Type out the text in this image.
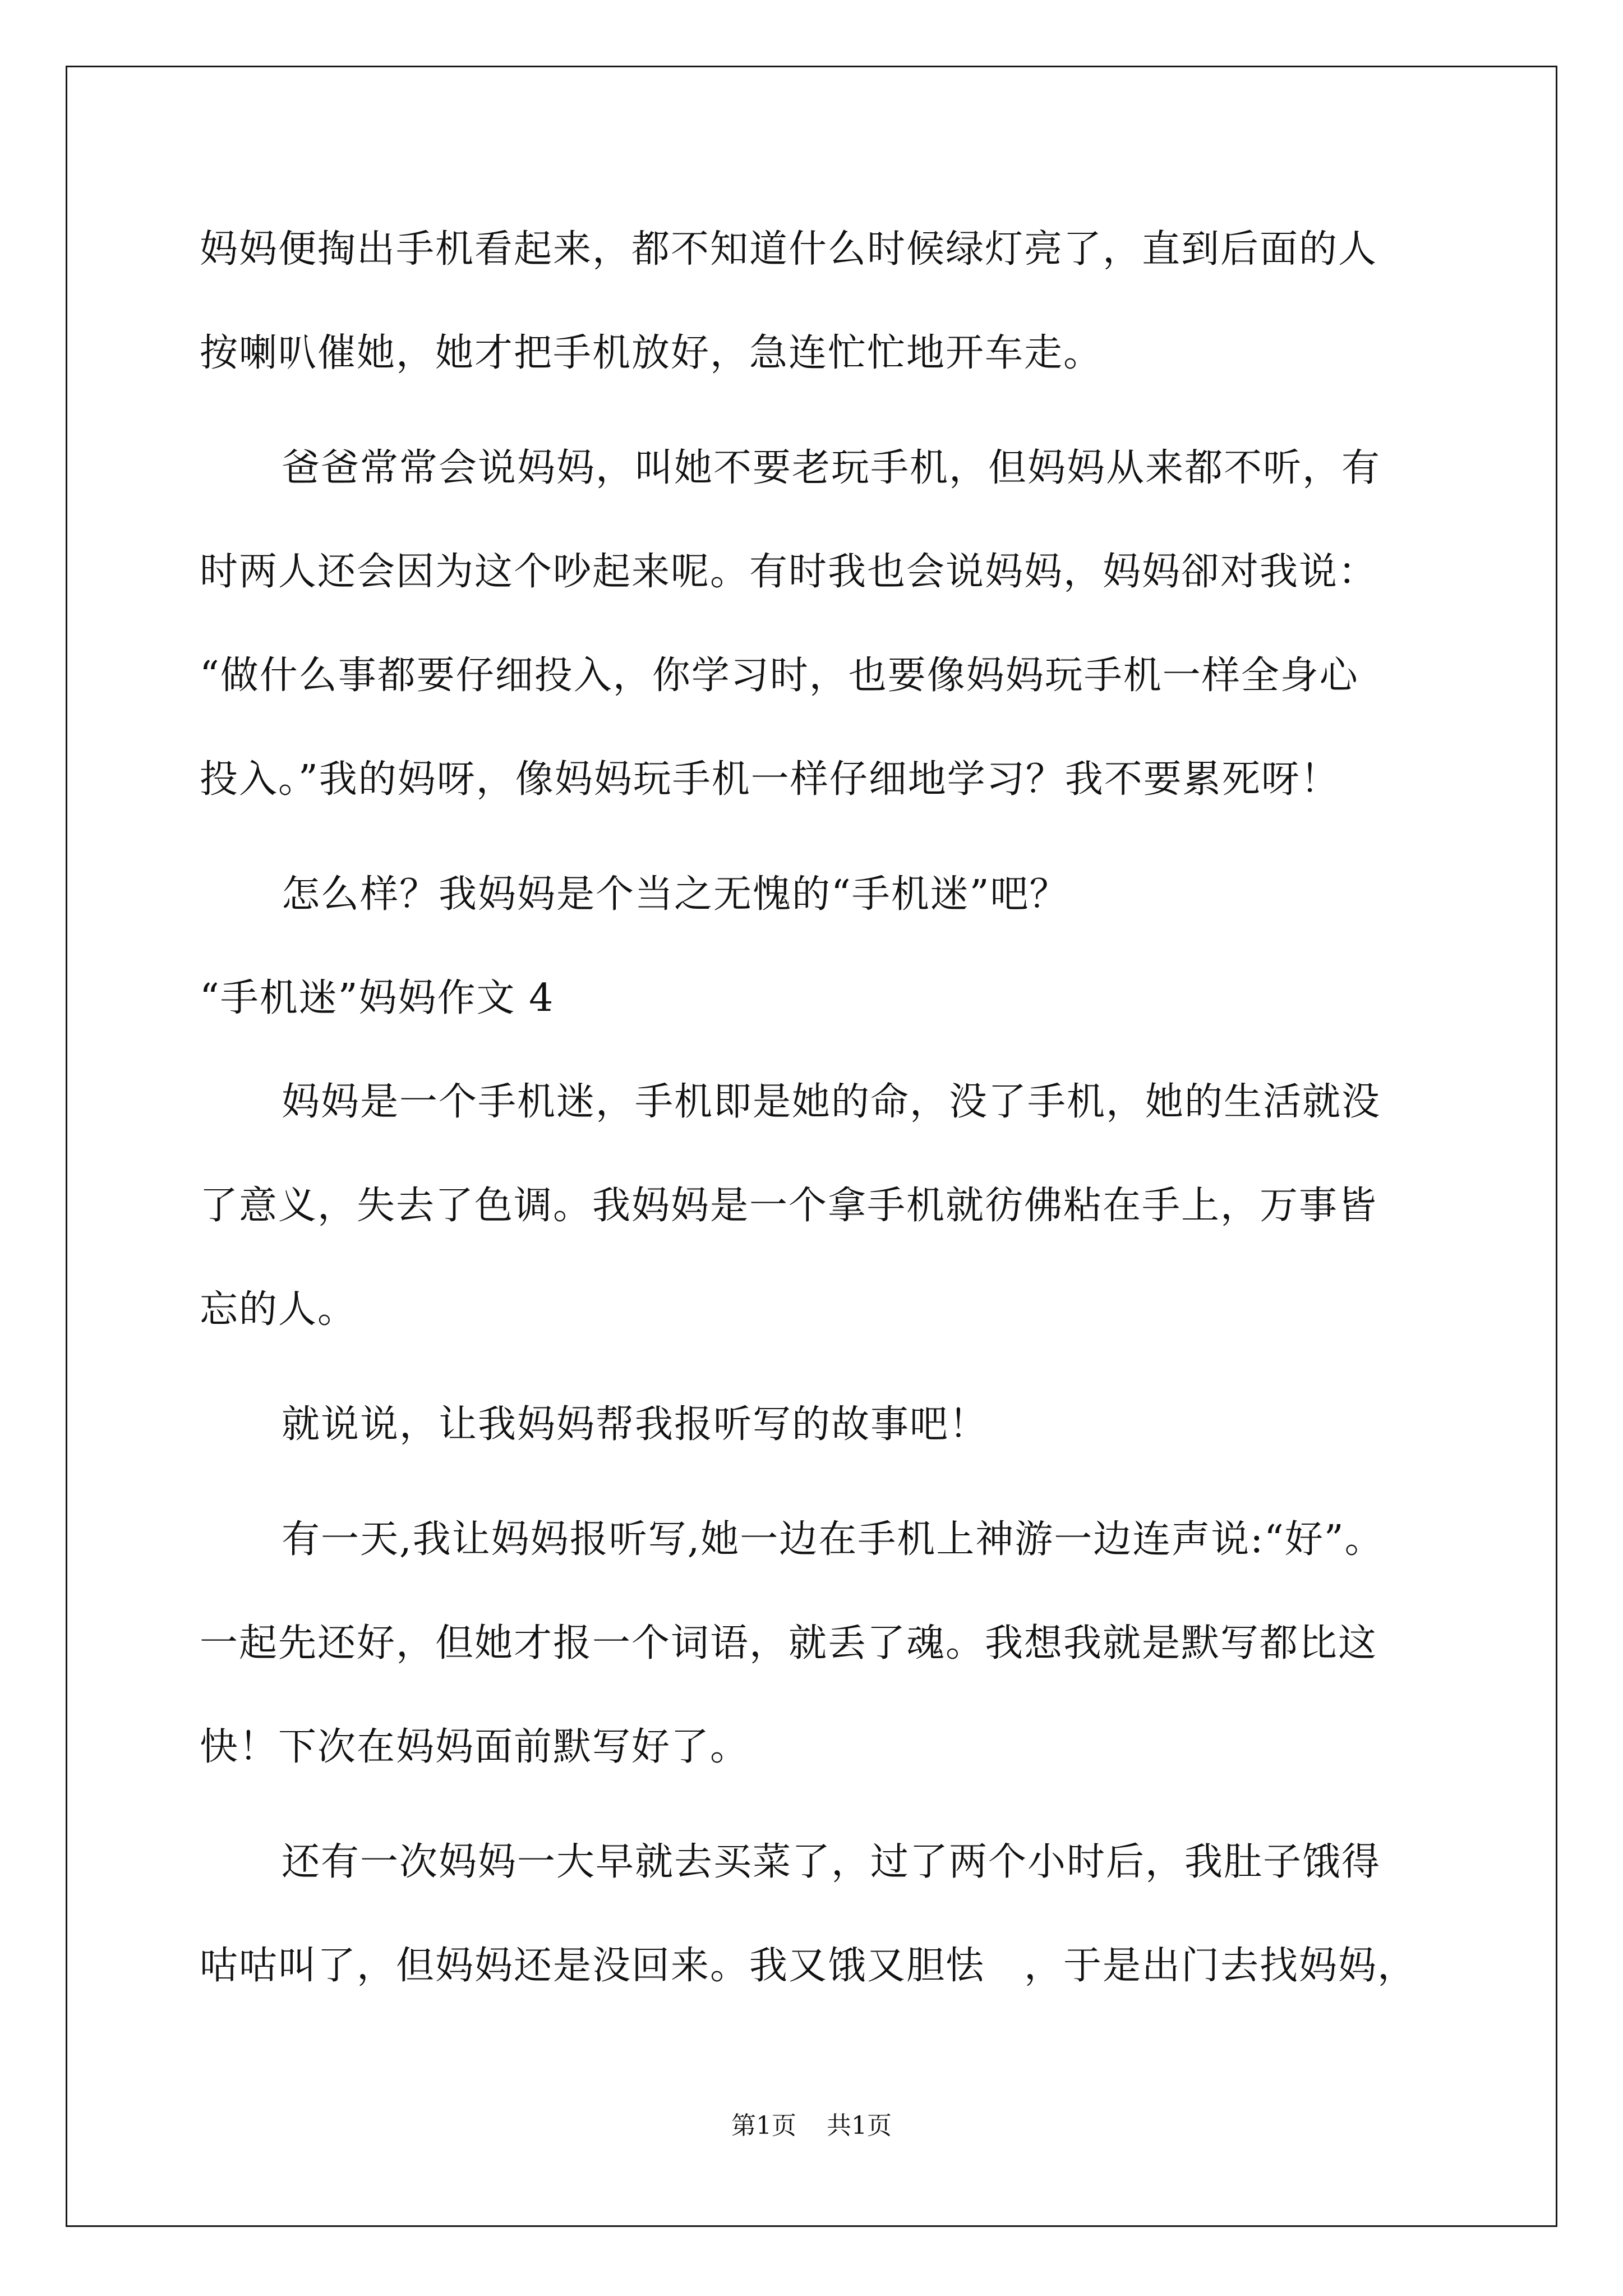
妈妈便掏出手机看起来，都不知道什么时候绿灯亮了，直到后面的人
按喇叭催她，她才把手机放好，急连忙忙地开车走。
爸爸常常会说妈妈，叫她不要老玩手机，但妈妈从来都不听，有
时两人还会因为这个吵起来呢。有时我也会说妈妈，妈妈卻对我说：
“做什么事都要仔细投入，你学习时，也要像妈妈玩手机一样全身心
投入。”我的妈呀，像妈妈玩手机一样仔细地学习？我不要累死呀！
怎么样？我妈妈是个当之无愧的“手机迷”吧？
“手机迷”妈妈作文 4
妈妈是一个手机迷，手机即是她的命，没了手机，她的生活就没
了意义，失去了色调。我妈妈是一个拿手机就彷佛粘在手上，万事皆
忘的人。
就说说，让我妈妈帮我报听写的故事吧！
有一天,我让妈妈报听写,她一边在手机上神游一边连声说:“好”。
一起先还好，但她才报一个词语，就丢了魂。我想我就是默写都比这
快！下次在妈妈面前默写好了。
还有一次妈妈一大早就去买菜了，过了两个小时后，我肚子饿得
咕咕叫了，但妈妈还是没回来。我又饿又胆怯　，于是出门去找妈妈，
第1页 共1页
